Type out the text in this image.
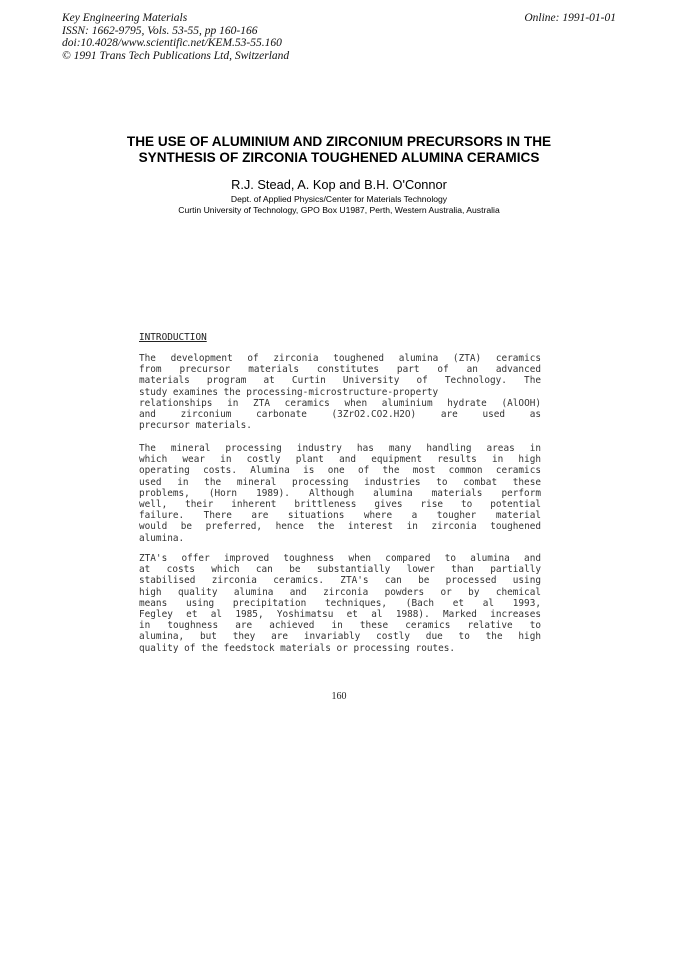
Key Engineering Materials
ISSN: 1662-9795, Vols. 53-55, pp 160-166
doi:10.4028/www.scientific.net/KEM.53-55.160
© 1991 Trans Tech Publications Ltd, Switzerland
Online: 1991-01-01
THE USE OF ALUMINIUM AND ZIRCONIUM PRECURSORS IN THE
SYNTHESIS OF ZIRCONIA TOUGHENED ALUMINA CERAMICS
R.J. Stead, A. Kop and B.H. O'Connor
Dept. of Applied Physics/Center for Materials Technology
Curtin University of Technology, GPO Box U1987, Perth, Western Australia, Australia
INTRODUCTION
The development of zirconia toughened alumina (ZTA) ceramics
from precursor materials constitutes part of an advanced
materials program at Curtin University of Technology. The
study examines the processing-microstructure-property
relationships in ZTA ceramics when aluminium hydrate (AlOOH)
and zirconium carbonate (3ZrO2.CO2.H2O) are used as
precursor materials.
The mineral processing industry has many handling areas in
which wear in costly plant and equipment results in high
operating costs. Alumina is one of the most common ceramics
used in the mineral processing industries to combat these
problems, (Horn 1989). Although alumina materials perform
well, their inherent brittleness gives rise to potential
failure. There are situations where a tougher material
would be preferred, hence the interest in zirconia toughened
alumina.
ZTA's offer improved toughness when compared to alumina and
at costs which can be substantially lower than partially
stabilised zirconia ceramics. ZTA's can be processed using
high quality alumina and zirconia powders or by chemical
means using precipitation techniques, (Bach et al 1993,
Fegley et al 1985, Yoshimatsu et al 1988). Marked increases
in toughness are achieved in these ceramics relative to
alumina, but they are invariably costly due to the high
quality of the feedstock materials or processing routes.
160
